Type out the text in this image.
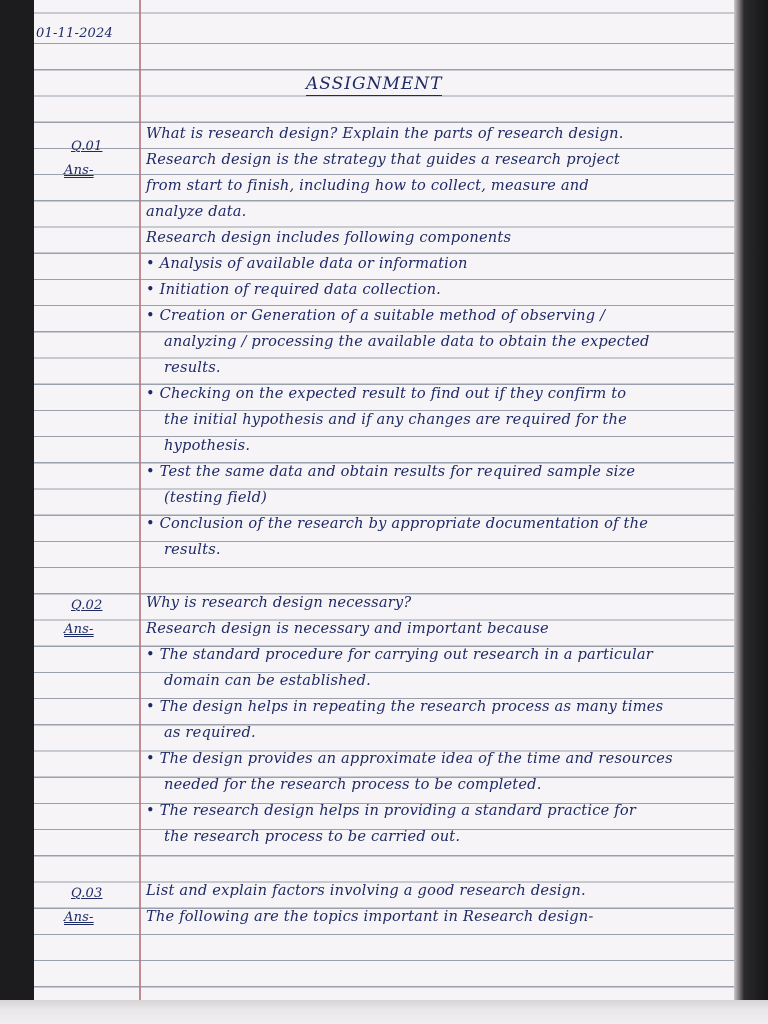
01-11-2024
ASSIGNMENT
Q.01
What is research design? Explain the parts of research design.
Ans-
Research design is the strategy that guides a research project
from start to finish, including how to collect, measure and
analyze data.
Research design includes following components
• Analysis of available data or information
• Initiation of required data collection.
• Creation or Generation of a suitable method of observing /
analyzing / processing the available data to obtain the expected
results.
• Checking on the expected result to find out if they confirm to
the initial hypothesis and if any changes are required for the
hypothesis.
• Test the same data and obtain results for required sample size
(testing field)
• Conclusion of the research by appropriate documentation of the
results.
Q.02	Why is research design necessary?
Ans-	Research design is necessary and important because
• The standard procedure for carrying out research in a particular
domain can be established.
• The design helps in repeating the research process as many times
as required.
• The design provides an approximate idea of the time and resources
needed for the research process to be completed.
• The research design helps in providing a standard practice for
the research process to be carried out.
Q.03	List and explain factors involving a good research design.
Ans-	The following are the topics important in Research design-
